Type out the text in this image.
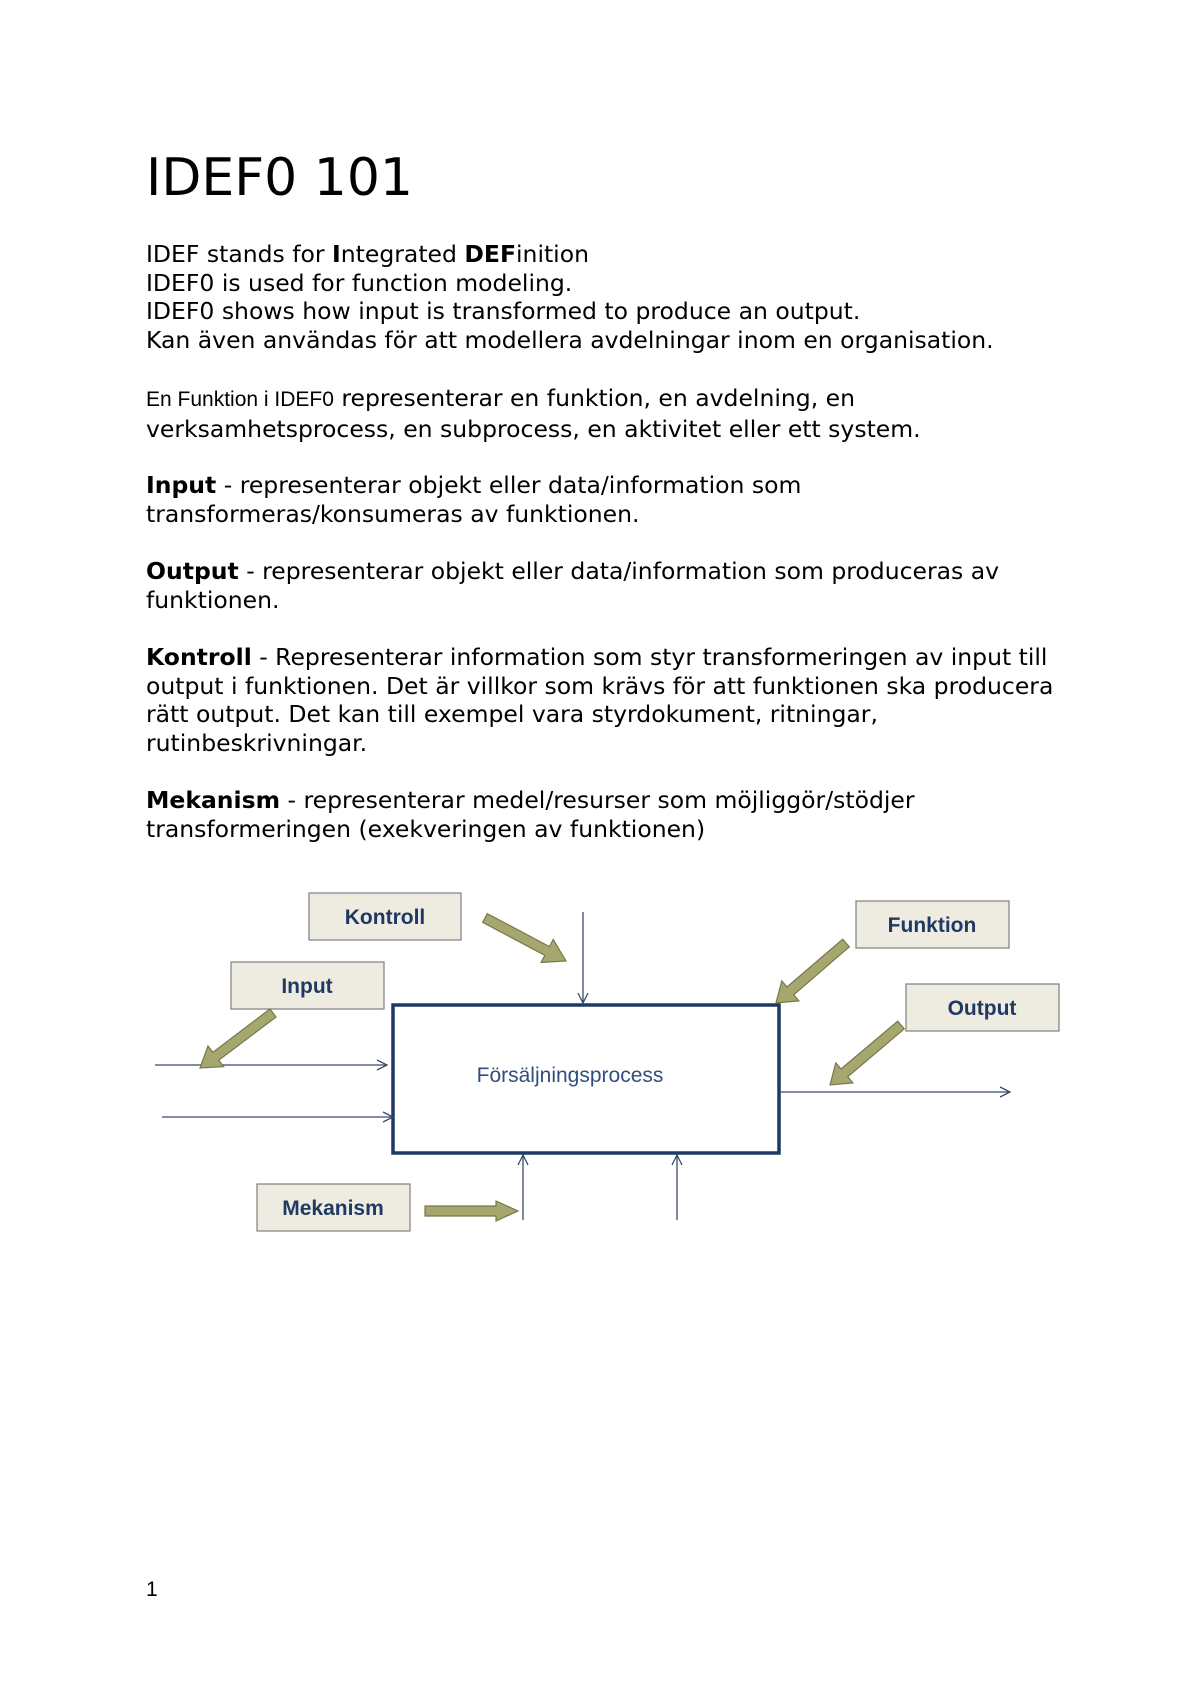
IDEF0 101

IDEF stands for Integrated DEFinition

IDEF0 is used for function modeling.

IDEF0 shows how input is transformed to produce an output.

Kan även användas för att modellera avdelningar inom en organisation.

En Funktion i IDEF0 representerar en funktion, en avdelning, en verksamhetsprocess, en subprocess, en aktivitet eller ett system.

Input - representerar objekt eller data/information som transformeras/konsumeras av funktionen.

Output - representerar objekt eller data/information som produceras av funktionen.

Kontroll - Representerar information som styr transformeringen av input till output i funktionen. Det är villkor som krävs för att funktionen ska producera rätt output. Det kan till exempel vara styrdokument, ritningar, rutinbeskrivningar.

Mekanism - representerar medel/resurser som möjliggör/stödjer transformeringen (exekveringen av funktionen)

Försäljningsprocess
Kontroll
Input
Funktion
Output
Mekanism
1
